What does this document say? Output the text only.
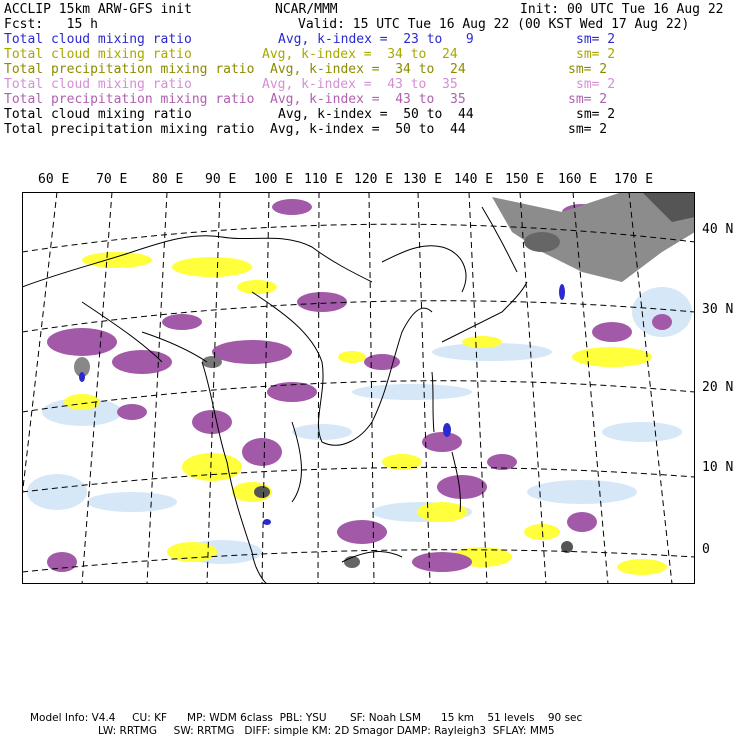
ACCLIP 15km ARW-GFS init	NCAR/MMM	Init: 00 UTC Tue 16 Aug 22
Fcst:   15 h	Valid: 15 UTC Tue 16 Aug 22 (00 KST Wed 17 Aug 22)
Total cloud mixing ratio	Avg, k-index =  23 to   9	sm= 2
Total cloud mixing ratio	Avg, k-index =  34 to  24	sm= 2
Total precipitation mixing ratio Avg, k-index =  34 to  24	sm= 2
Total cloud mixing ratio	Avg, k-index =  43 to  35	sm= 2
Total precipitation mixing ratio Avg, k-index =  43 to  35	sm= 2
Total cloud mixing ratio	Avg, k-index =  50 to  44	sm= 2
Total precipitation mixing ratio Avg, k-index =  50 to  44	sm= 2
60 E 70 E 80 E 90 E 100 E 110 E 120 E 130 E 140 E 150 E 160 E 170 E
40 N
30 N
20 N
10 N
0
Model Info: V4.4     CU: KF      MP: WDM 6class  PBL: YSU       SF: Noah LSM      15 km    51 levels    90 sec
LW: RRTMG     SW: RRTMG   DIFF: simple KM: 2D Smagor DAMP: Rayleigh3  SFLAY: MM5
